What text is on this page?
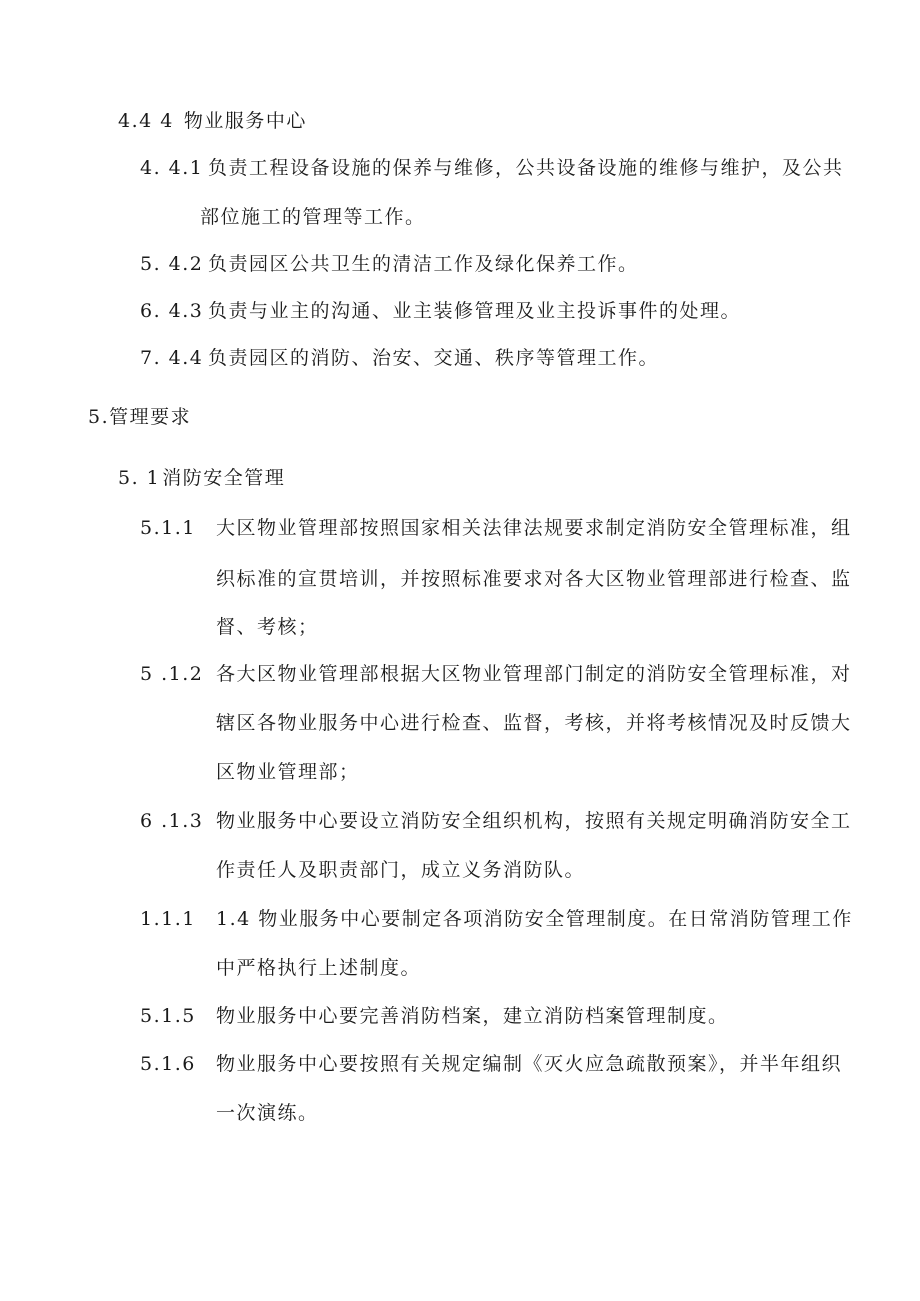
4.4 4 物业服务中心
4. 4.1 负责工程设备设施的保养与维修，公共设备设施的维修与维护，及公共
部位施工的管理等工作。
5. 4.2 负责园区公共卫生的清洁工作及绿化保养工作。
6. 4.3 负责与业主的沟通、业主装修管理及业主投诉事件的处理。
7. 4.4 负责园区的消防、治安、交通、秩序等管理工作。
5.管理要求
5. 1 消防安全管理
5.1.1 大区物业管理部按照国家相关法律法规要求制定消防安全管理标准，组
织标准的宣贯培训，并按照标准要求对各大区物业管理部进行检查、监
督、考核；
5 .1.2 各大区物业管理部根据大区物业管理部门制定的消防安全管理标准，对
辖区各物业服务中心进行检查、监督，考核，并将考核情况及时反馈大
区物业管理部；
6 .1.3 物业服务中心要设立消防安全组织机构，按照有关规定明确消防安全工
作责任人及职责部门，成立义务消防队。
1.1.1 1.4 物业服务中心要制定各项消防安全管理制度。在日常消防管理工作
中严格执行上述制度。
5.1.5 物业服务中心要完善消防档案，建立消防档案管理制度。
5.1.6 物业服务中心要按照有关规定编制《灭火应急疏散预案》，并半年组织
一次演练。
